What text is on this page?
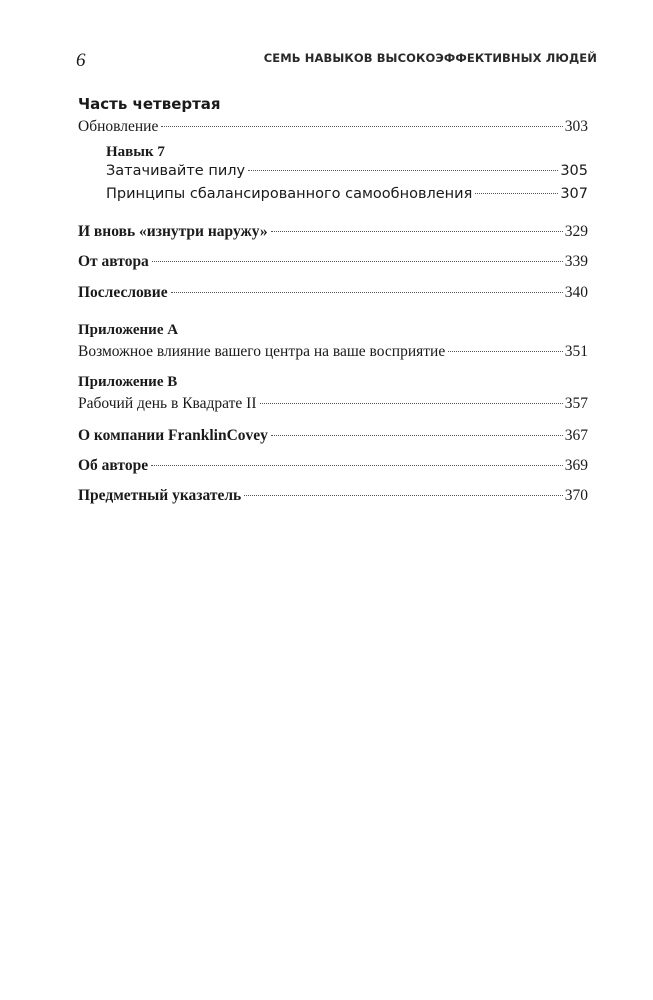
6	СЕМЬ НАВЫКОВ ВЫСОКОЭФФЕКТИВНЫХ ЛЮДЕЙ
Часть четвертая
Обновление	303
Навык 7
Затачивайте пилу	305
Принципы сбалансированного самообновления	307
И вновь «изнутри наружу»	329
От автора	339
Послесловие	340
Приложение A
Возможное влияние вашего центра на ваше восприятие	351
Приложение B
Рабочий день в Квадрате II	357
О компании FranklinCovey	367
Об авторе	369
Предметный указатель	370
